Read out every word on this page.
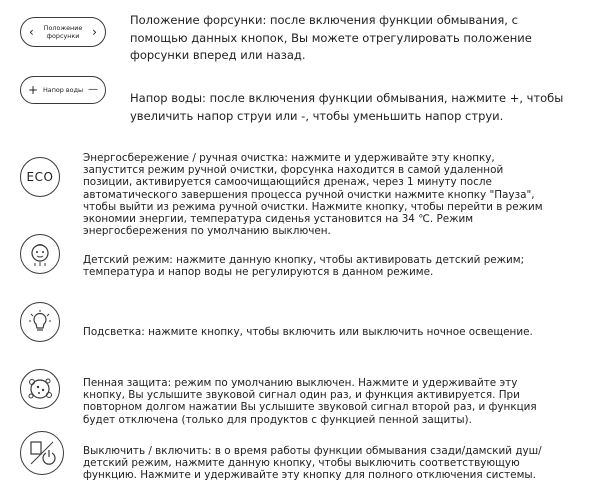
‹ Положение
форсунки ›
Положение форсунки: после включения функции обмывания, с
помощью данных кнопок, Вы можете отрегулировать положение
форсунки вперед или назад.
+ Напор воды —
Напор воды: после включения функции обмывания, нажмите +, чтобы
увеличить напор струи или -, чтобы уменьшить напор струи.
ECO
Энергосбережение / ручная очистка: нажмите и удерживайте эту кнопку,
запустится режим ручной очистки, форсунка находится в самой удаленной
позиции, активируется самоочищающийся дренаж, через 1 минуту после
автоматического завершения процесса ручной очистки нажмите кнопку "Пауза",
чтобы выйти из режима ручной очистки. Нажмите кнопку, чтобы перейти в режим
экономии энергии, температура сиденья установится на 34 ℃. Режим
энергосбережения по умолчанию выключен.
Детский режим: нажмите данную кнопку, чтобы активировать детский режим;
температура и напор воды не регулируются в данном режиме.
Подсветка: нажмите кнопку, чтобы включить или выключить ночное освещение.
Пенная защита: режим по умолчанию выключен. Нажмите и удерживайте эту
кнопку, Вы услышите звуковой сигнал один раз, и функция активируется. При
повторном долгом нажатии Вы услышите звуковой сигнал второй раз, и функция
будет отключена (только для продуктов с функцией пенной защиты).
Выключить / включить: в о время работы функции обмывания сзади/дамский душ/
детский режим, нажмите данную кнопку, чтобы выключить соответствующую
функцию. Нажмите и удерживайте эту кнопку для полного отключения системы.
